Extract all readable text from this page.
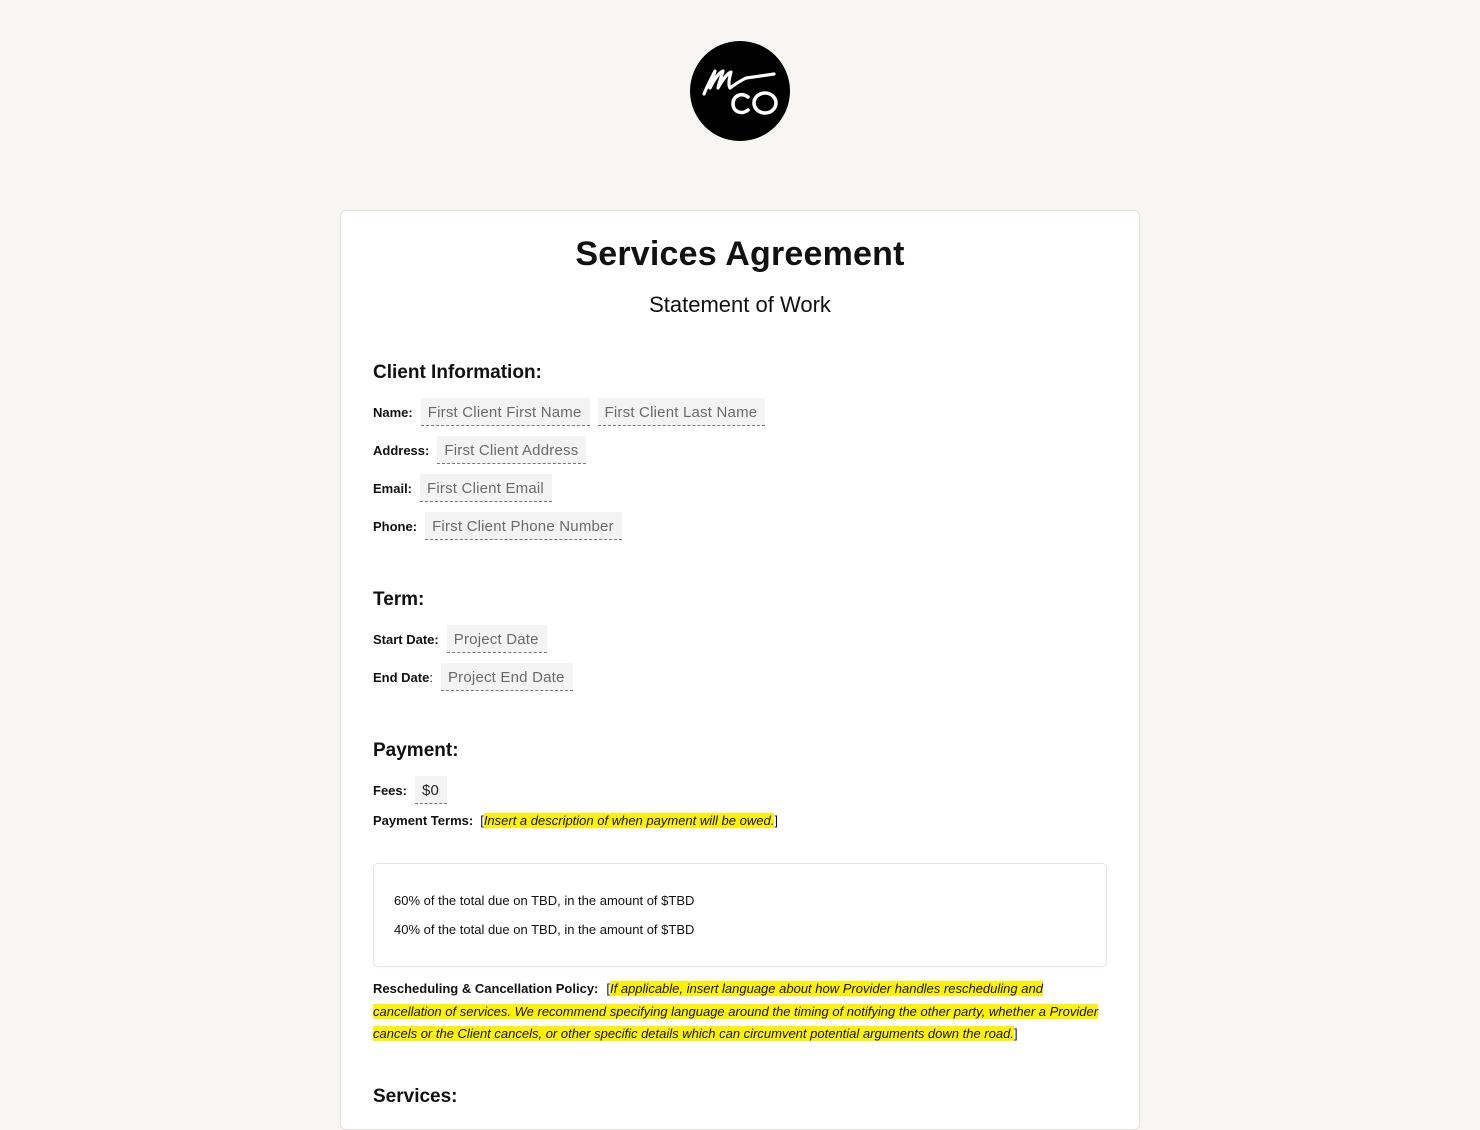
Services Agreement
Statement of Work
Client Information:
Name:	First Client First Name	First Client Last Name
Address:	First Client Address
Email:	First Client Email
Phone:	First Client Phone Number
Term:
Start Date:	Project Date
End Date:	Project End Date
Payment:
Fees:	$0
Payment Terms: [Insert a description of when payment will be owed.]

60% of the total due on TBD, in the amount of $TBD

40% of the total due on TBD, in the amount of $TBD

Rescheduling & Cancellation Policy: [If applicable, insert language about how Provider handles rescheduling and cancellation of services. We recommend specifying language around the timing of notifying the other party, whether a Provider cancels or the Client cancels, or other specific details which can circumvent potential arguments down the road.]
Services:
